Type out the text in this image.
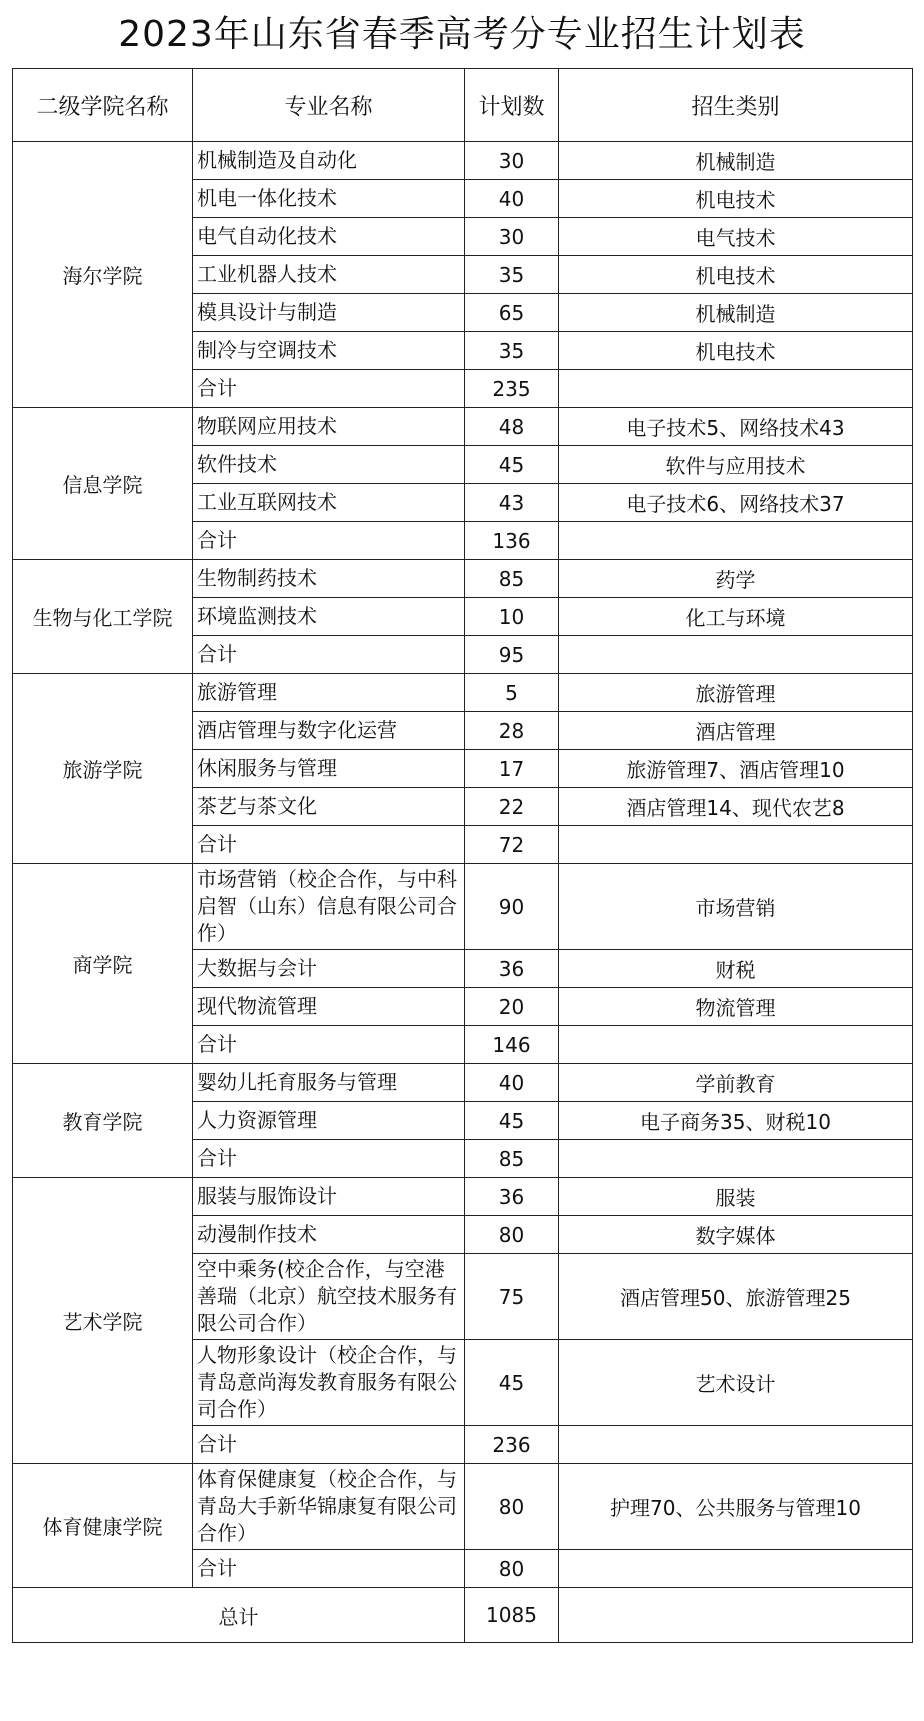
2023年山东省春季高考分专业招生计划表
二级学院名称	专业名称	计划数	招生类别
海尔学院	机械制造及自动化	30	机械制造
	机电一体化技术	40	机电技术
	电气自动化技术	30	电气技术
	工业机器人技术	35	机电技术
	模具设计与制造	65	机械制造
	制冷与空调技术	35	机电技术
	合计	235	
信息学院	物联网应用技术	48	电子技术5、网络技术43
	软件技术	45	软件与应用技术
	工业互联网技术	43	电子技术6、网络技术37
	合计	136	
生物与化工学院	生物制药技术	85	药学
	环境监测技术	10	化工与环境
	合计	95	
旅游学院	旅游管理	5	旅游管理
	酒店管理与数字化运营	28	酒店管理
	休闲服务与管理	17	旅游管理7、酒店管理10
	茶艺与茶文化	22	酒店管理14、现代农艺8
	合计	72	
商学院	市场营销（校企合作，与中科启智（山东）信息有限公司合作）	90	市场营销
	大数据与会计	36	财税
	现代物流管理	20	物流管理
	合计	146	
教育学院	婴幼儿托育服务与管理	40	学前教育
	人力资源管理	45	电子商务35、财税10
	合计	85	
艺术学院	服装与服饰设计	36	服装
	动漫制作技术	80	数字媒体
	空中乘务(校企合作，与空港善瑞（北京）航空技术服务有限公司合作）	75	酒店管理50、旅游管理25
	人物形象设计（校企合作，与青岛意尚海发教育服务有限公司合作）	45	艺术设计
	合计	236	
体育健康学院	体育保健康复（校企合作，与青岛大手新华锦康复有限公司合作）	80	护理70、公共服务与管理10
	合计	80	
总计		1085	
